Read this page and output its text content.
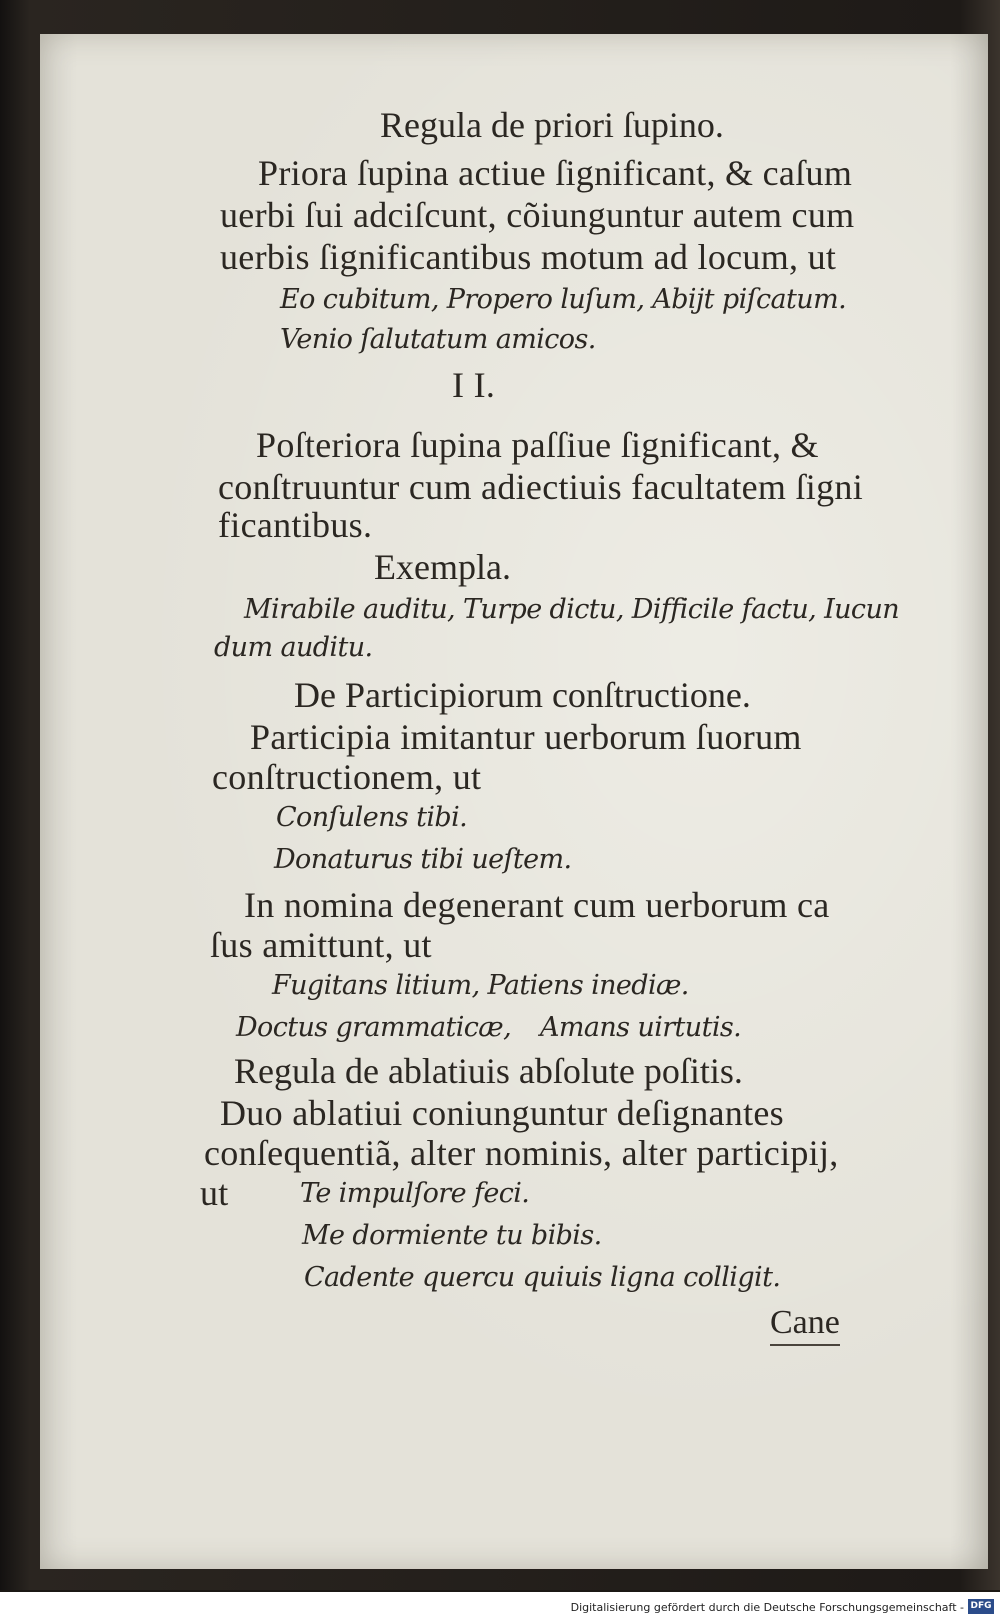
Regula de priori ſupino.
Priora ſupina actiue ſignificant, & caſum
uerbi ſui adciſcunt, cõiunguntur autem cum
uerbis ſignificantibus motum ad locum, ut
Eo cubitum, Propero luſum, Abijt piſcatum.
Venio ſalutatum amicos.
I I.
Poſteriora ſupina paſſiue ſignificant, &
conſtruuntur cum adiectiuis facultatem ſigni
ficantibus.
Exempla.
Mirabile auditu, Turpe dictu, Difficile factu, Iucun
dum auditu.
De Participiorum conſtructione.
Participia imitantur uerborum ſuorum
conſtructionem, ut
Conſulens tibi.
Donaturus tibi ueſtem.
In nomina degenerant cum uerborum ca
ſus amittunt, ut
Fugitans litium, Patiens inediæ.
Doctus grammaticæ, Amans uirtutis.
Regula de ablatiuis abſolute poſitis.
Duo ablatiui coniunguntur deſignantes
conſequentiã, alter nominis, alter participij,
ut	Te impulſore feci.
Me dormiente tu bibis.
Cadente quercu quiuis ligna colligit.
Cane
Digitalisierung gefördert durch die Deutsche Forschungsgemeinschaft - DFG
